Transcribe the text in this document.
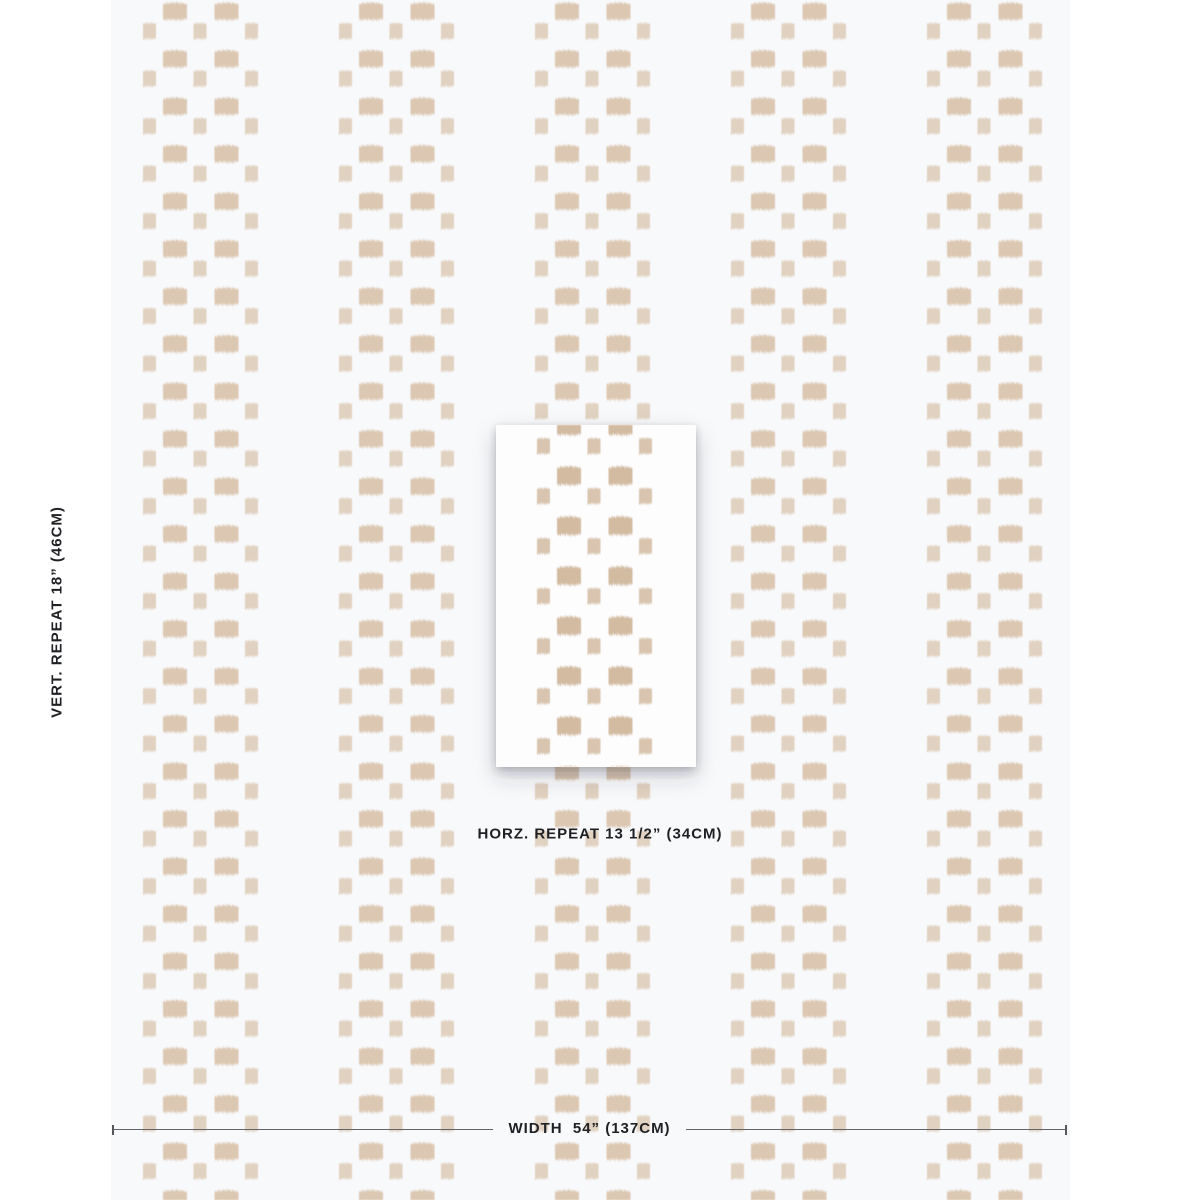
VERT. REPEAT
18” (46CM)
HORZ. REPEAT 13 1/2” (34CM)
WIDTH 54” (137CM)
